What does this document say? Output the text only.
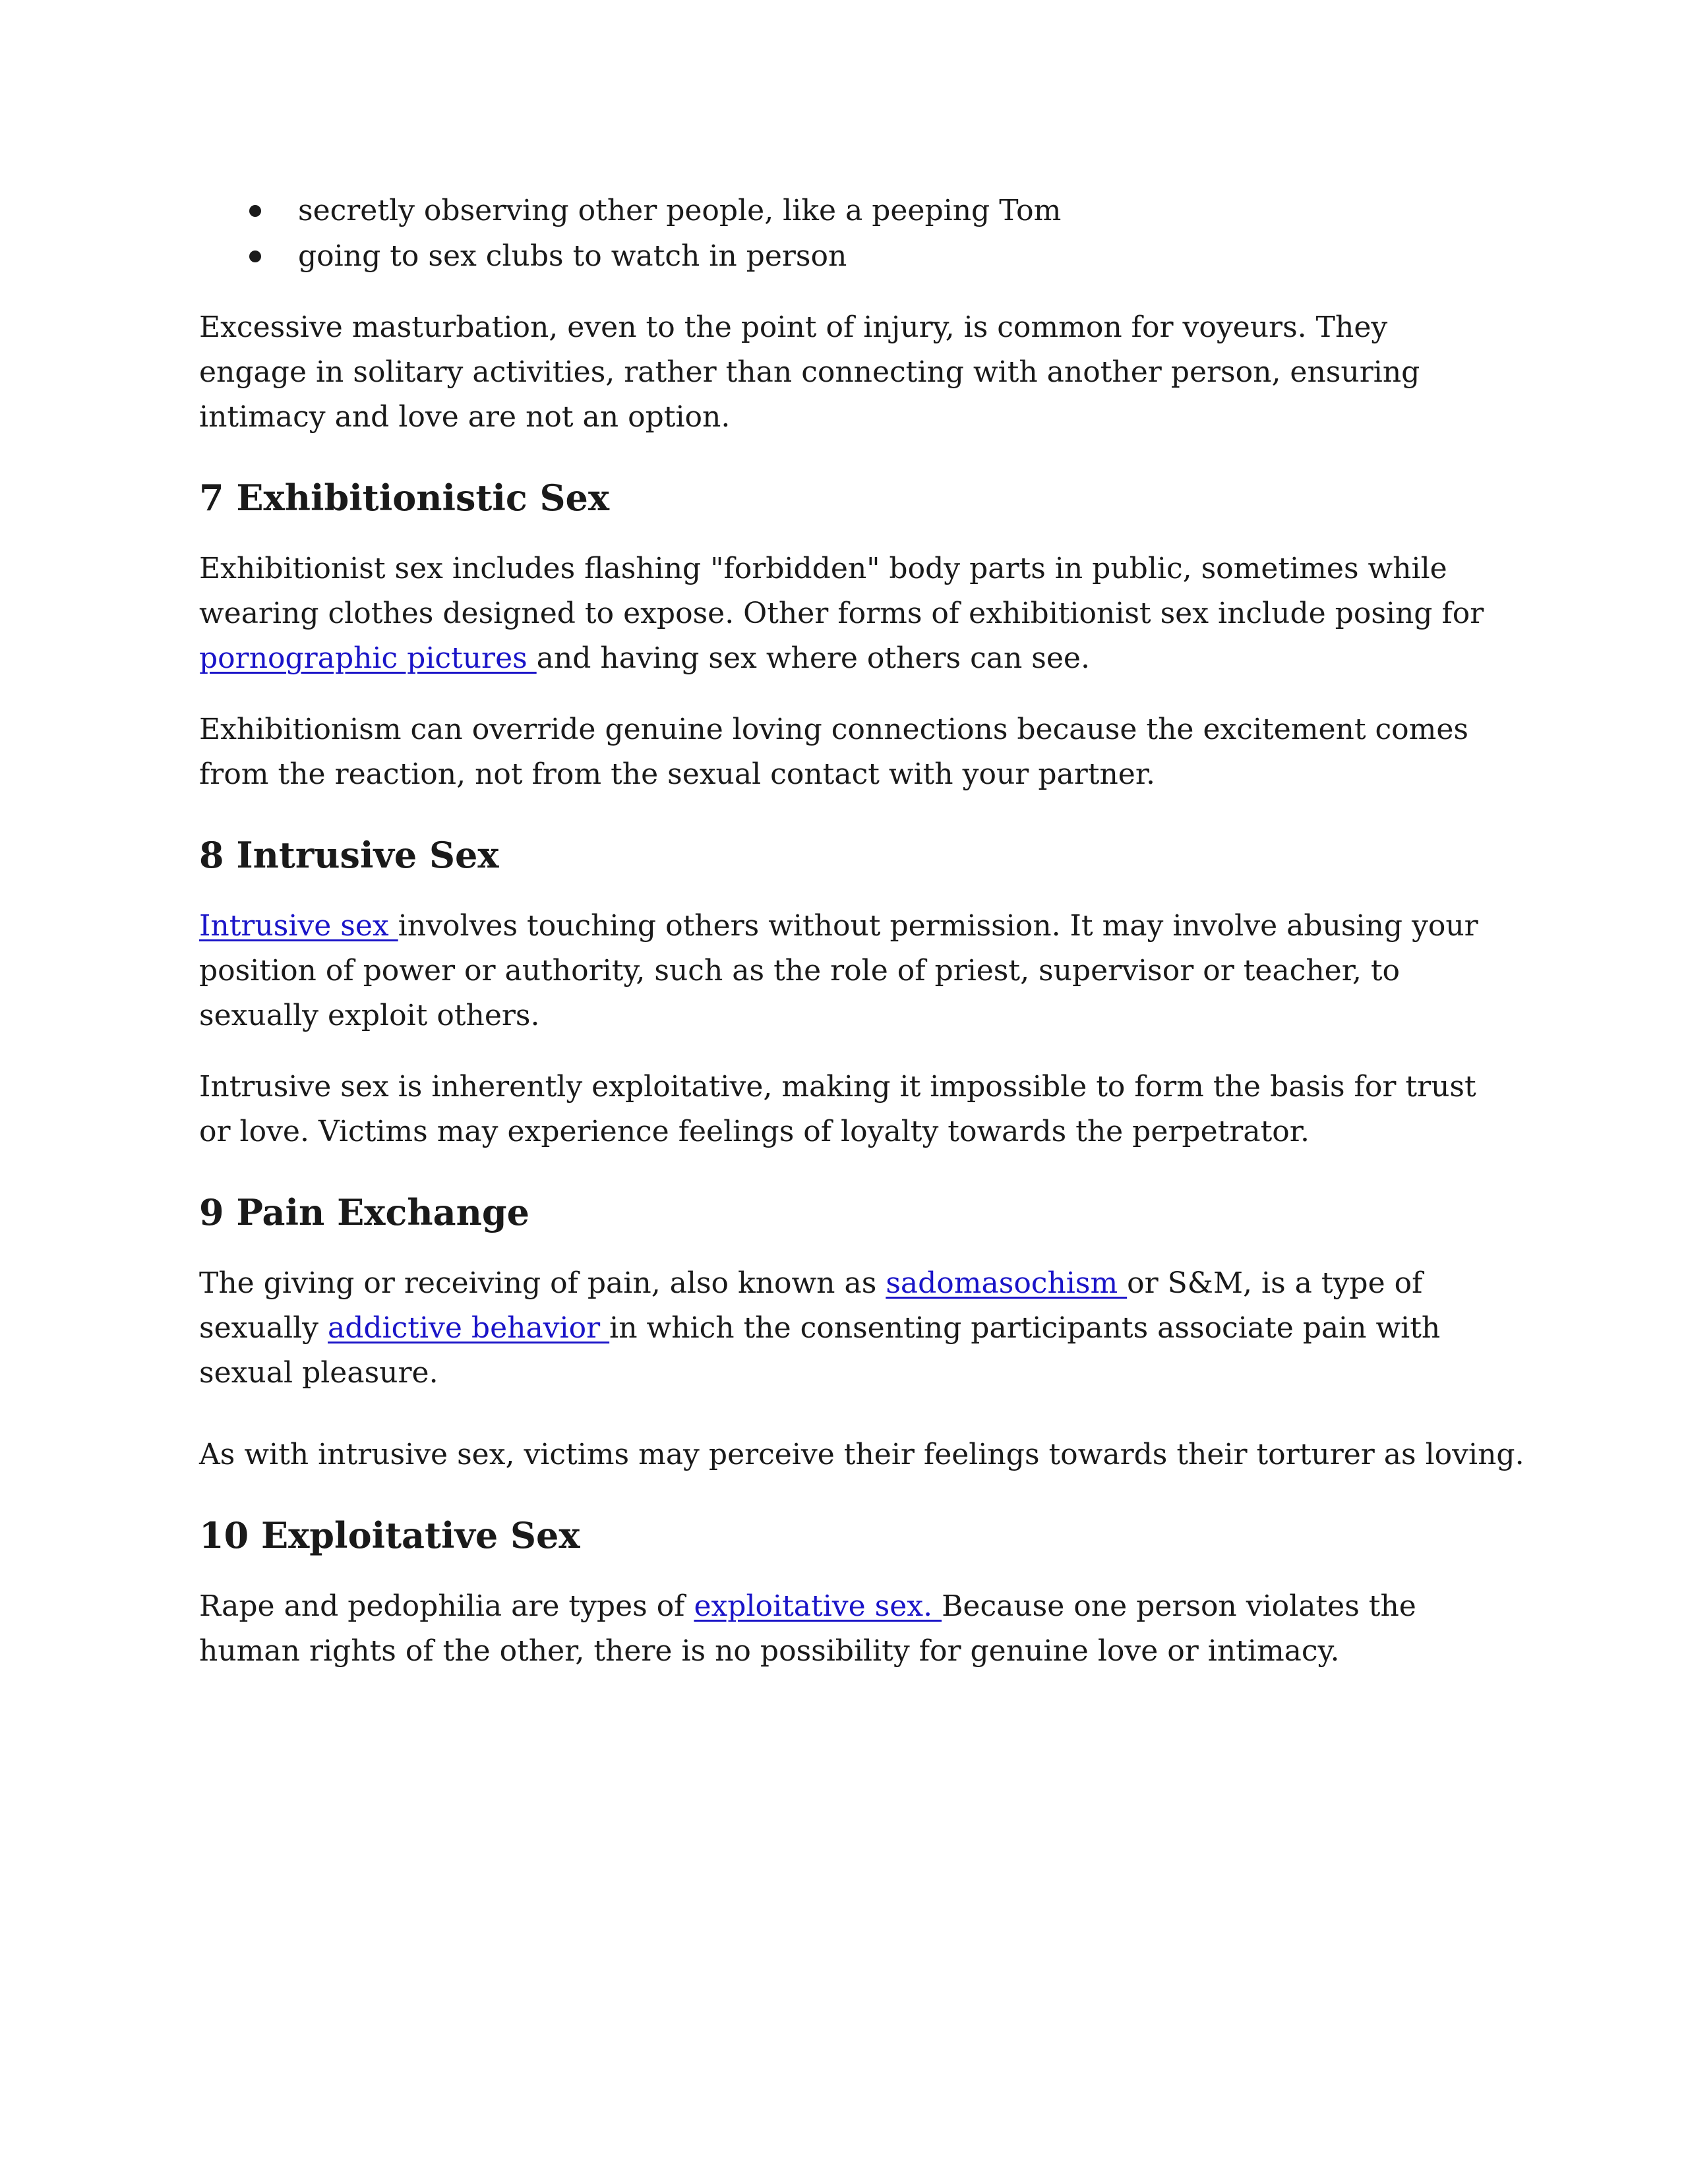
secretly observing other people, like a peeping Tom
going to sex clubs to watch in person

Excessive masturbation, even to the point of injury, is common for voyeurs. They engage in solitary activities, rather than connecting with another person, ensuring intimacy and love are not an option.

7 Exhibitionistic Sex

Exhibitionist sex includes flashing "forbidden" body parts in public, sometimes while wearing clothes designed to expose. Other forms of exhibitionist sex include posing for pornographic pictures and having sex where others can see.

Exhibitionism can override genuine loving connections because the excitement comes from the reaction, not from the sexual contact with your partner.

8 Intrusive Sex

Intrusive sex involves touching others without permission. It may involve abusing your position of power or authority, such as the role of priest, supervisor or teacher, to sexually exploit others.

Intrusive sex is inherently exploitative, making it impossible to form the basis for trust or love. Victims may experience feelings of loyalty towards the perpetrator.

9 Pain Exchange

The giving or receiving of pain, also known as sadomasochism or S&M, is a type of sexually addictive behavior in which the consenting participants associate pain with sexual pleasure.

As with intrusive sex, victims may perceive their feelings towards their torturer as loving.

10 Exploitative Sex

Rape and pedophilia are types of exploitative sex. Because one person violates the human rights of the other, there is no possibility for genuine love or intimacy.
